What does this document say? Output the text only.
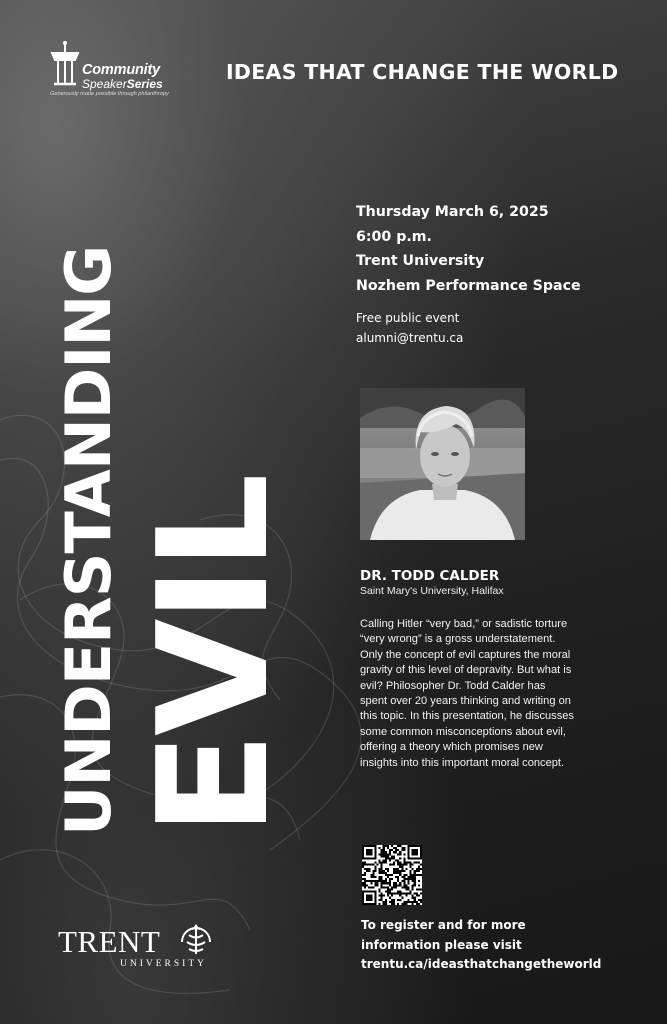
Community
SpeakerSeries
Generously made possible through philanthropy
IDEAS THAT CHANGE THE WORLD
UNDERSTANDING EVIL
Thursday March 6, 2025
6:00 p.m.
Trent University
Nozhem Performance Space
Free public event
alumni@trentu.ca
DR. TODD CALDER
Saint Mary's University, Halifax
Calling Hitler “very bad,” or sadistic torture “very wrong” is a gross understatement. Only the concept of evil captures the moral gravity of this level of depravity. But what is evil? Philosopher Dr. Todd Calder has spent over 20 years thinking and writing on this topic. In this presentation, he discusses some common misconceptions about evil, offering a theory which promises new insights into this important moral concept.
To register and for more
information please visit
trentu.ca/ideasthatchangetheworld
TRENT
UNIVERSITY
